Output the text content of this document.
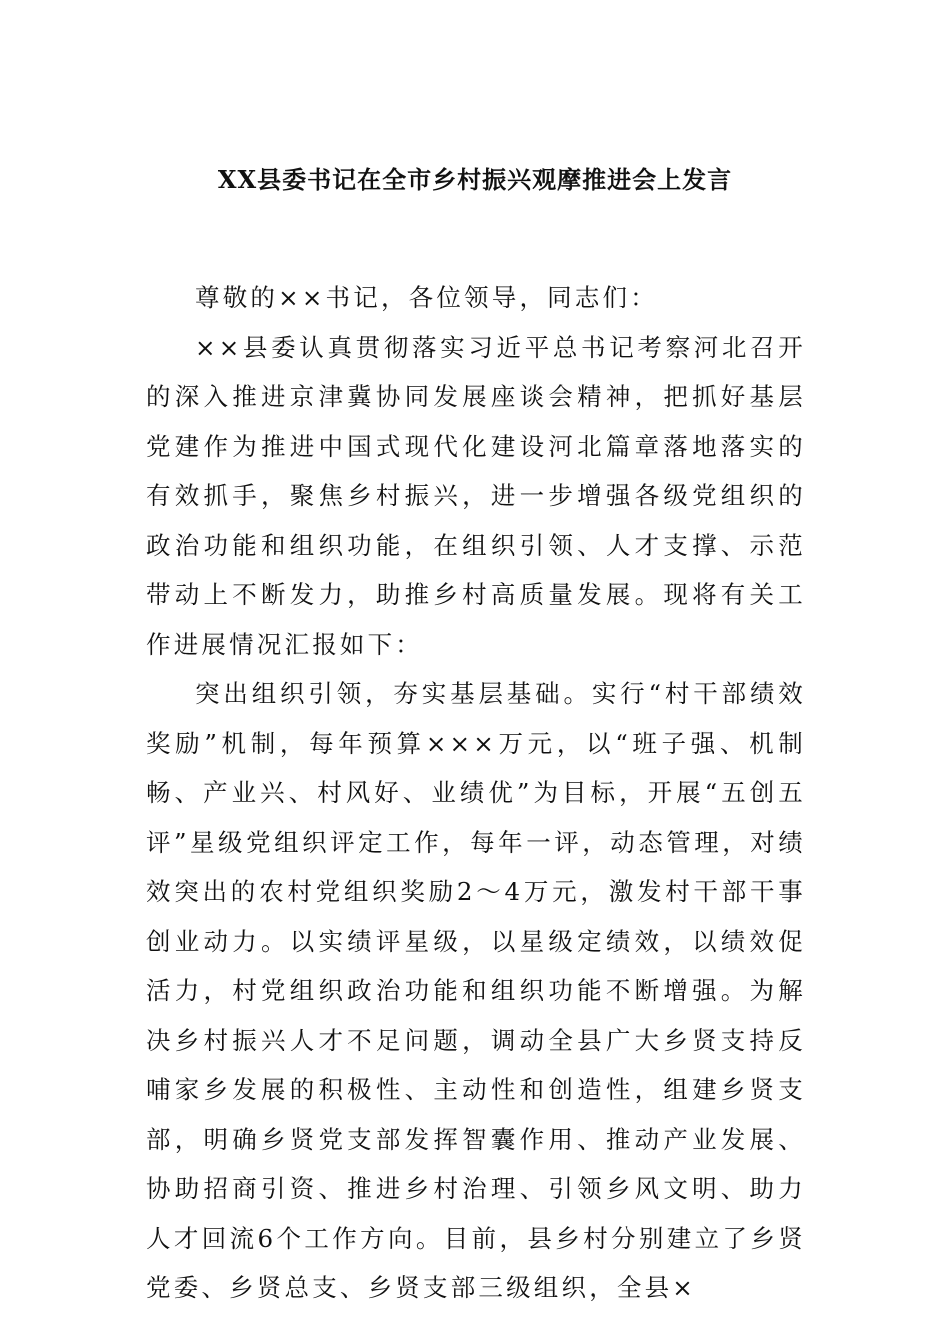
XX县委书记在全市乡村振兴观摩推进会上发言

尊敬的××书记，各位领导，同志们：

××县委认真贯彻落实习近平总书记考察河北召开的深入推进京津冀协同发展座谈会精神，把抓好基层党建作为推进中国式现代化建设河北篇章落地落实的有效抓手，聚焦乡村振兴，进一步增强各级党组织的政治功能和组织功能，在组织引领、人才支撑、示范带动上不断发力，助推乡村高质量发展。现将有关工作进展情况汇报如下：

突出组织引领，夯实基层基础。实行“村干部绩效奖励”机制，每年预算×××万元，以“班子强、机制畅、产业兴、村风好、业绩优”为目标，开展“五创五评”星级党组织评定工作，每年一评，动态管理，对绩效突出的农村党组织奖励2～4万元，激发村干部干事创业动力。以实绩评星级，以星级定绩效，以绩效促活力，村党组织政治功能和组织功能不断增强。为解决乡村振兴人才不足问题，调动全县广大乡贤支持反哺家乡发展的积极性、主动性和创造性，组建乡贤支部，明确乡贤党支部发挥智囊作用、推动产业发展、协助招商引资、推进乡村治理、引领乡风文明、助力人才回流6个工作方向。目前，县乡村分别建立了乡贤党委、乡贤总支、乡贤支部三级组织，全县×
